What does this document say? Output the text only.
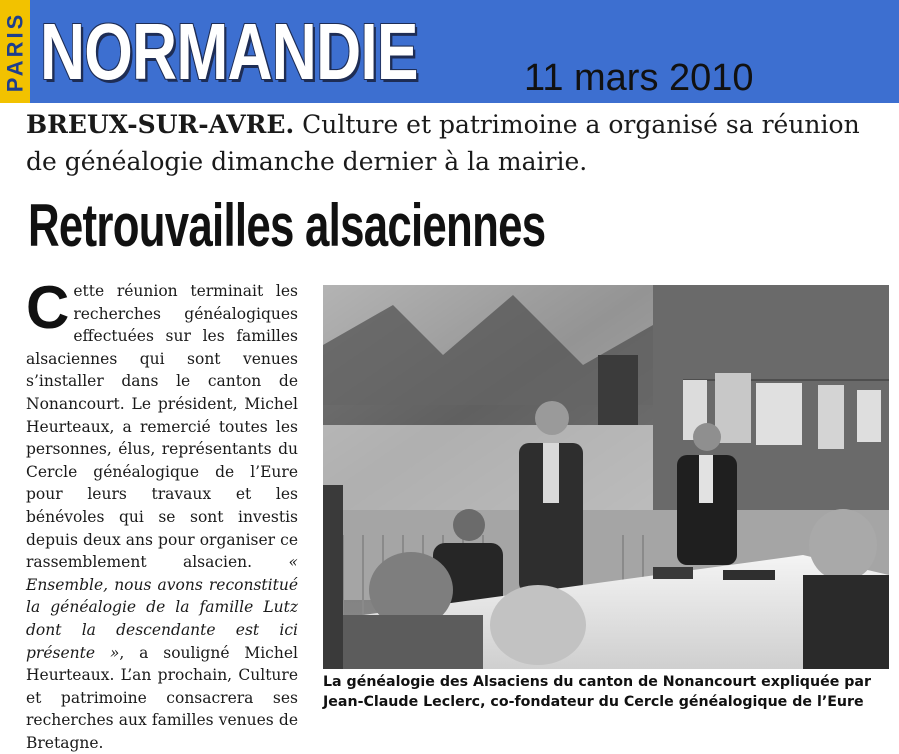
PARIS NORMANDIE	11 mars 2010
BREUX-SUR-AVRE. Culture et patrimoine a organisé sa réunion de généalogie dimanche dernier à la mairie.
Retrouvailles alsaciennes
Cette réunion terminait les recherches généalogiques effectuées sur les familles alsaciennes qui sont venues s’installer dans le canton de Nonancourt. Le président, Michel Heurteaux, a remercié toutes les personnes, élus, représentants du Cercle généalogique de l’Eure pour leurs travaux et les bénévoles qui se sont investis depuis deux ans pour organiser ce rassemblement alsacien. « Ensemble, nous avons reconstitué la généalogie de la famille Lutz dont la descendante est ici présente », a souligné Michel Heurteaux. L’an prochain, Culture et patrimoine consacrera ses recherches aux familles venues de Bretagne.
La généalogie des Alsaciens du canton de Nonancourt expliquée par
Jean-Claude Leclerc, co-fondateur du Cercle généalogique de l’Eure
